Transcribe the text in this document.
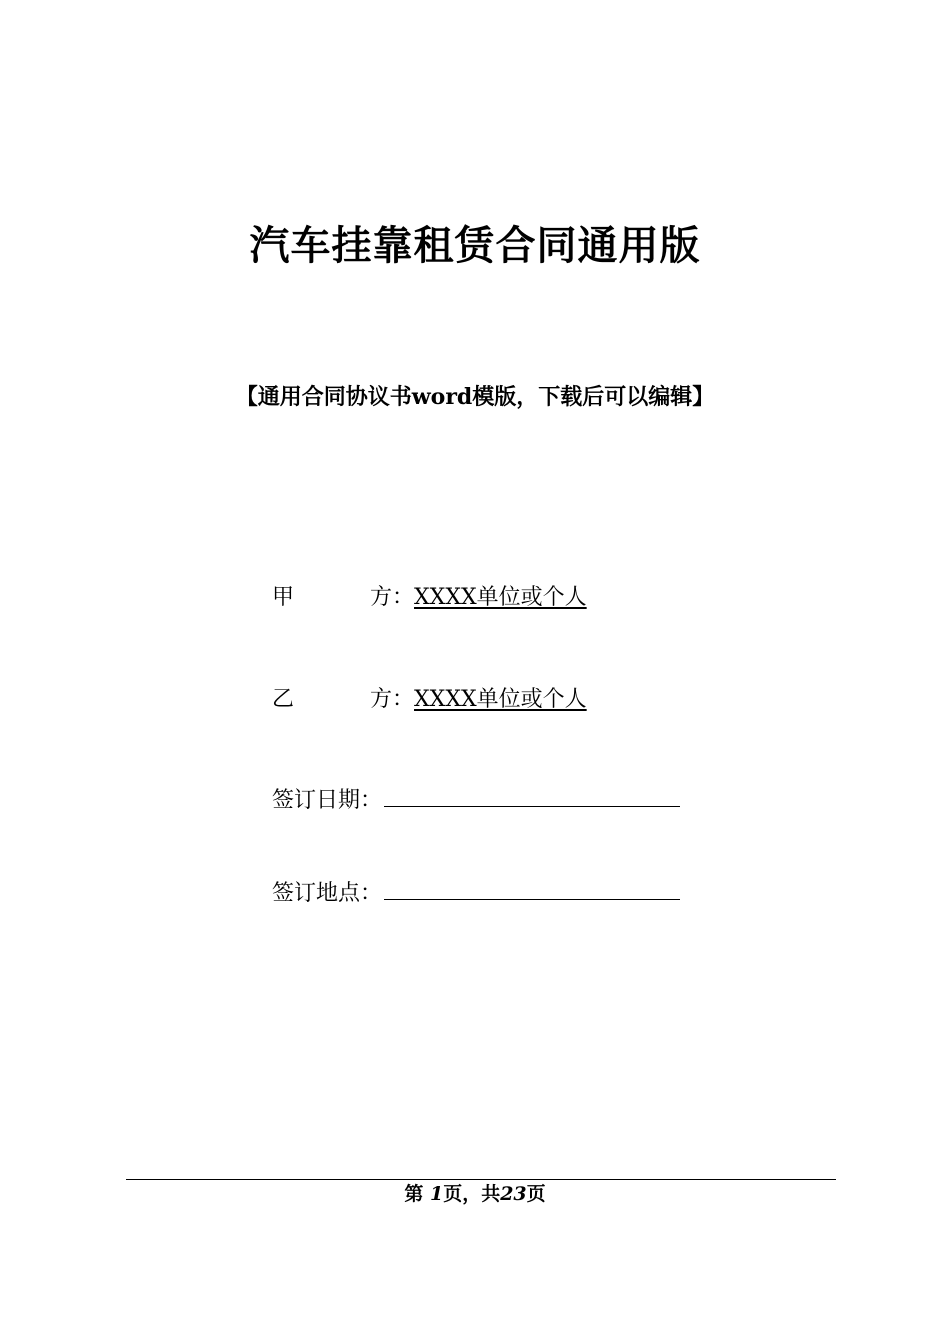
汽车挂靠租赁合同通用版
【通用合同协议书word模版，下载后可以编辑】
甲	方：XXXX单位或个人
乙	方：XXXX单位或个人
签订日期：
签订地点：
第 1页，共23页
